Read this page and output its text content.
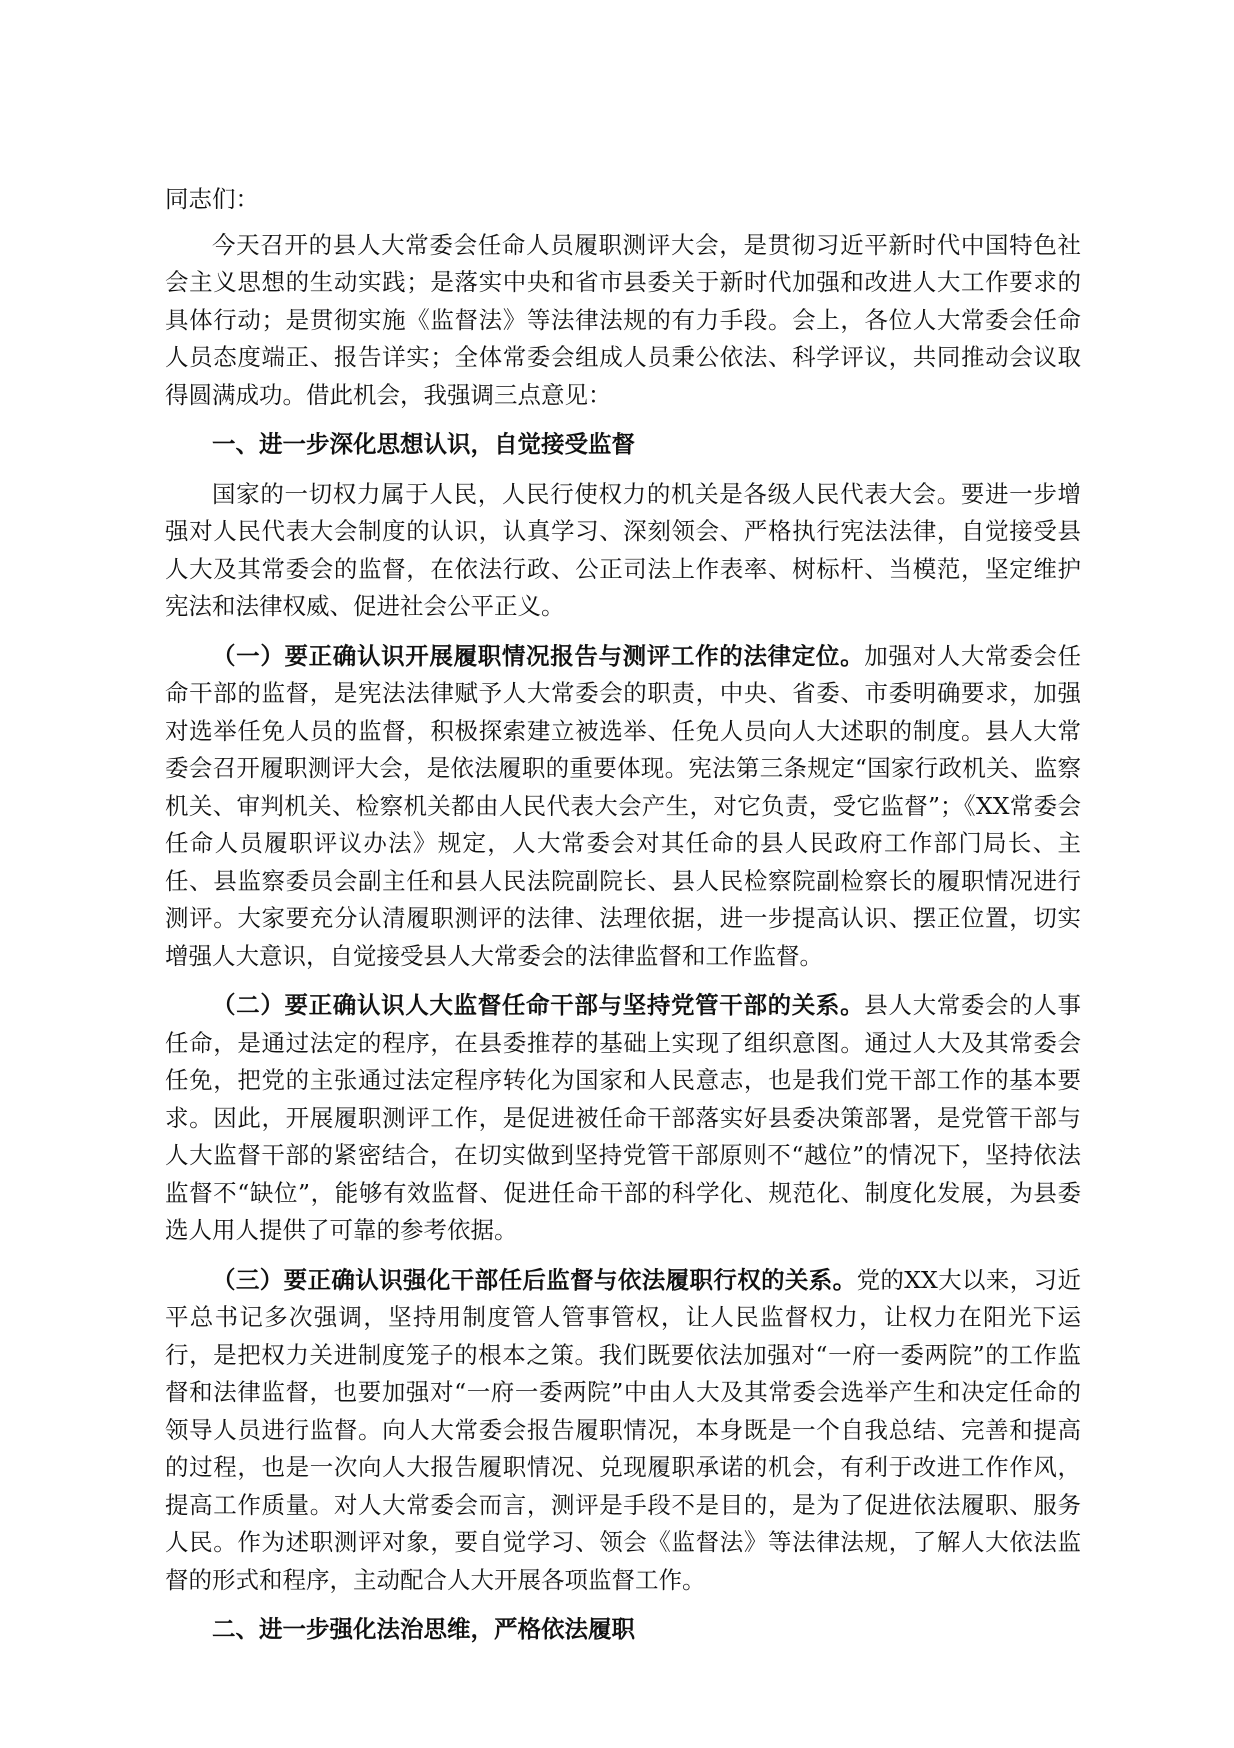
同志们：

今天召开的县人大常委会任命人员履职测评大会，是贯彻习近平新时代中国特色社会主义思想的生动实践；是落实中央和省市县委关于新时代加强和改进人大工作要求的具体行动；是贯彻实施《监督法》等法律法规的有力手段。会上，各位人大常委会任命人员态度端正、报告详实；全体常委会组成人员秉公依法、科学评议，共同推动会议取得圆满成功。借此机会，我强调三点意见：

一、进一步深化思想认识，自觉接受监督

国家的一切权力属于人民，人民行使权力的机关是各级人民代表大会。要进一步增强对人民代表大会制度的认识，认真学习、深刻领会、严格执行宪法法律，自觉接受县人大及其常委会的监督，在依法行政、公正司法上作表率、树标杆、当模范，坚定维护宪法和法律权威、促进社会公平正义。

（一）要正确认识开展履职情况报告与测评工作的法律定位。加强对人大常委会任命干部的监督，是宪法法律赋予人大常委会的职责，中央、省委、市委明确要求，加强对选举任免人员的监督，积极探索建立被选举、任免人员向人大述职的制度。县人大常委会召开履职测评大会，是依法履职的重要体现。宪法第三条规定“国家行政机关、监察机关、审判机关、检察机关都由人民代表大会产生，对它负责，受它监督”；《XX常委会任命人员履职评议办法》规定，人大常委会对其任命的县人民政府工作部门局长、主任、县监察委员会副主任和县人民法院副院长、县人民检察院副检察长的履职情况进行测评。大家要充分认清履职测评的法律、法理依据，进一步提高认识、摆正位置，切实增强人大意识，自觉接受县人大常委会的法律监督和工作监督。

（二）要正确认识人大监督任命干部与坚持党管干部的关系。县人大常委会的人事任命，是通过法定的程序，在县委推荐的基础上实现了组织意图。通过人大及其常委会任免，把党的主张通过法定程序转化为国家和人民意志，也是我们党干部工作的基本要求。因此，开展履职测评工作，是促进被任命干部落实好县委决策部署，是党管干部与人大监督干部的紧密结合，在切实做到坚持党管干部原则不“越位”的情况下，坚持依法监督不“缺位”，能够有效监督、促进任命干部的科学化、规范化、制度化发展，为县委选人用人提供了可靠的参考依据。

（三）要正确认识强化干部任后监督与依法履职行权的关系。党的XX大以来，习近平总书记多次强调，坚持用制度管人管事管权，让人民监督权力，让权力在阳光下运行，是把权力关进制度笼子的根本之策。我们既要依法加强对“一府一委两院”的工作监督和法律监督，也要加强对“一府一委两院”中由人大及其常委会选举产生和决定任命的领导人员进行监督。向人大常委会报告履职情况，本身既是一个自我总结、完善和提高的过程，也是一次向人大报告履职情况、兑现履职承诺的机会，有利于改进工作作风，提高工作质量。对人大常委会而言，测评是手段不是目的，是为了促进依法履职、服务人民。作为述职测评对象，要自觉学习、领会《监督法》等法律法规，了解人大依法监督的形式和程序，主动配合人大开展各项监督工作。

二、进一步强化法治思维，严格依法履职
